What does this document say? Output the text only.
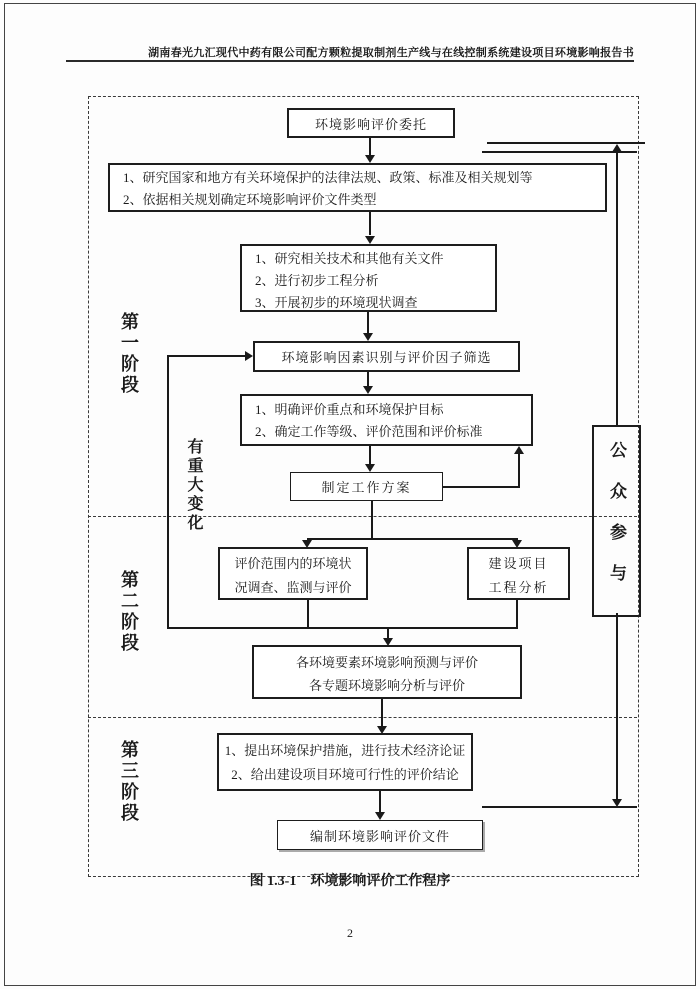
湖南春光九汇现代中药有限公司配方颗粒提取制剂生产线与在线控制系统建设项目环境影响报告书
第一阶段
第二阶段
第三阶段
有重大变化
环境影响评价委托
1、研究国家和地方有关环境保护的法律法规、政策、标准及相关规划等
2、依据相关规划确定环境影响评价文件类型
1、研究相关技术和其他有关文件
2、进行初步工程分析
3、开展初步的环境现状调查
环境影响因素识别与评价因子筛选
1、明确评价重点和环境保护目标
2、确定工作等级、评价范围和评价标准
制定工作方案
评价范围内的环境状
况调查、监测与评价
建设项目
工程分析
各环境要素环境影响预测与评价
各专题环境影响分析与评价
1、提出环境保护措施，进行技术经济论证
2、给出建设项目环境可行性的评价结论
编制环境影响评价文件
公众参与
图 1.3-1    环境影响评价工作程序
2
